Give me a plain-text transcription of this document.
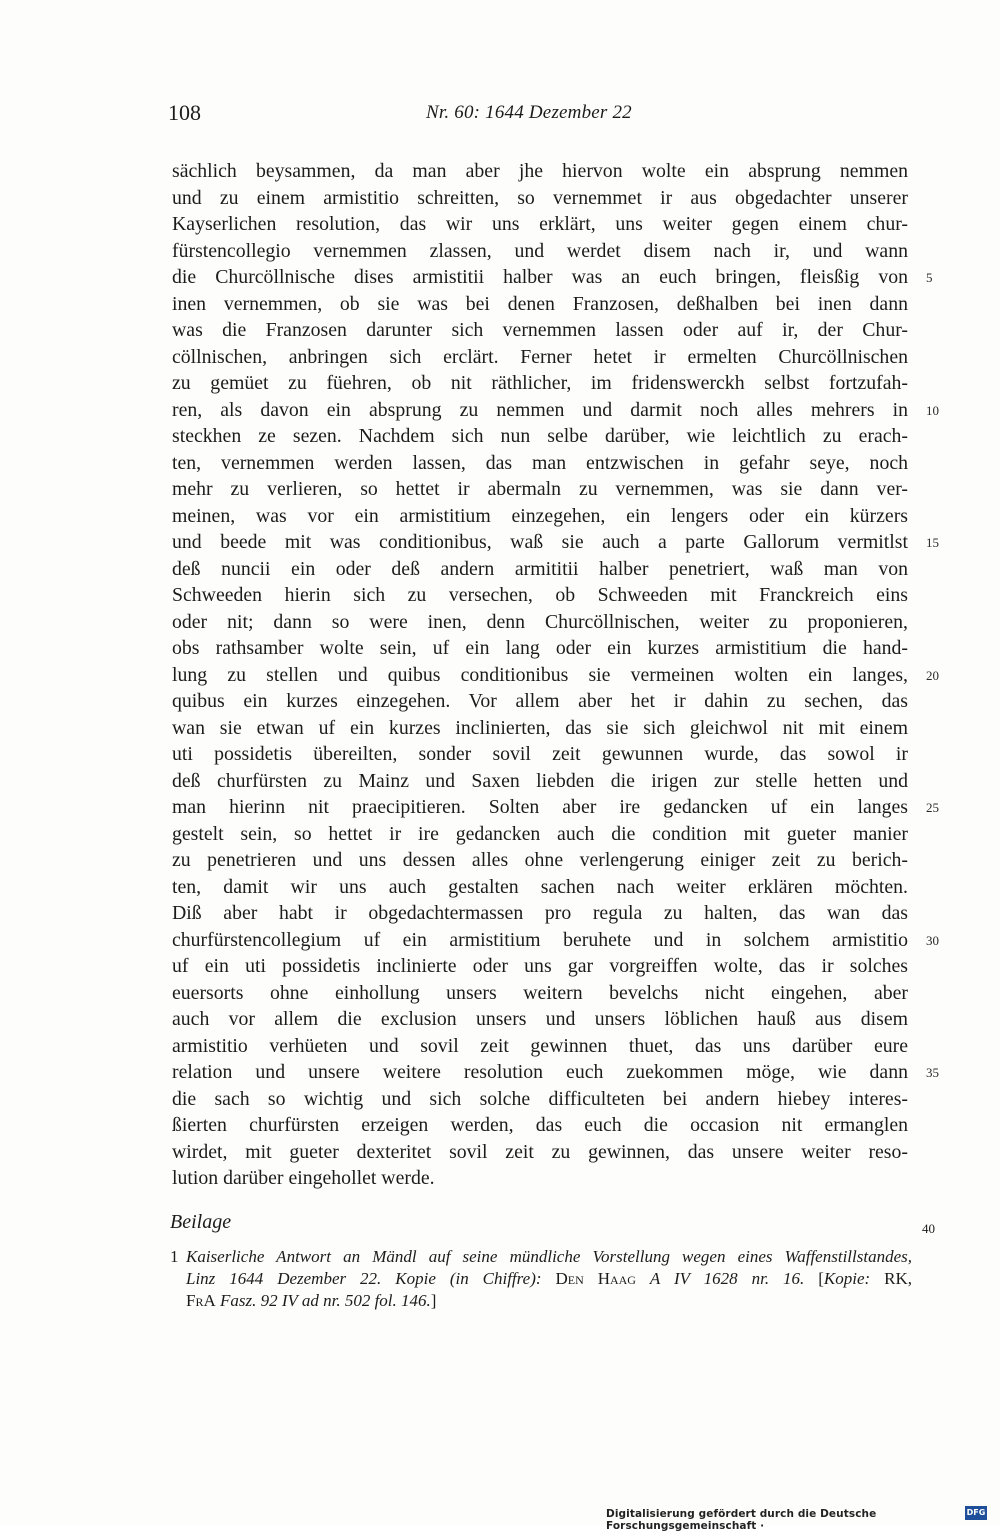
108	Nr. 60: 1644 Dezember 22
sächlich beysammen, da man aber jhe hiervon wolte ein absprung nemmen
und zu einem armistitio schreitten, so vernemmet ir aus obgedachter unserer
Kayserlichen resolution, das wir uns erklärt, uns weiter gegen einem chur-
fürstencollegio vernemmen zlassen, und werdet disem nach ir, und wann
die Churcöllnische dises armistitii halber was an euch bringen, fleisßig von 5
inen vernemmen, ob sie was bei denen Franzosen, deßhalben bei inen dann
was die Franzosen darunter sich vernemmen lassen oder auf ir, der Chur-
cöllnischen, anbringen sich erclärt. Ferner hetet ir ermelten Churcöllnischen
zu gemüet zu füehren, ob nit räthlicher, im fridenswerckh selbst fortzufah-
ren, als davon ein absprung zu nemmen und darmit noch alles mehrers in 10
steckhen ze sezen. Nachdem sich nun selbe darüber, wie leichtlich zu erach-
ten, vernemmen werden lassen, das man entzwischen in gefahr seye, noch
mehr zu verlieren, so hettet ir abermaln zu vernemmen, was sie dann ver-
meinen, was vor ein armistitium einzegehen, ein lengers oder ein kürzers
und beede mit was conditionibus, waß sie auch a parte Gallorum vermitlst 15
deß nuncii ein oder deß andern armititii halber penetriert, waß man von
Schweeden hierin sich zu versechen, ob Schweeden mit Franckreich eins
oder nit; dann so were inen, denn Churcöllnischen, weiter zu proponieren,
obs rathsamber wolte sein, uf ein lang oder ein kurzes armistitium die hand-
lung zu stellen und quibus conditionibus sie vermeinen wolten ein langes, 20
quibus ein kurzes einzegehen. Vor allem aber het ir dahin zu sechen, das
wan sie etwan uf ein kurzes inclinierten, das sie sich gleichwol nit mit einem
uti possidetis übereilten, sonder sovil zeit gewunnen wurde, das sowol ir
deß churfürsten zu Mainz und Saxen liebden die irigen zur stelle hetten und
man hierinn nit praecipitieren. Solten aber ire gedancken uf ein langes 25
gestelt sein, so hettet ir ire gedancken auch die condition mit gueter manier
zu penetrieren und uns dessen alles ohne verlengerung einiger zeit zu berich-
ten, damit wir uns auch gestalten sachen nach weiter erklären möchten.
Diß aber habt ir obgedachtermassen pro regula zu halten, das wan das
churfürstencollegium uf ein armistitium beruhete und in solchem armistitio 30
uf ein uti possidetis inclinierte oder uns gar vorgreiffen wolte, das ir solches
euersorts ohne einhollung unsers weitern bevelchs nicht eingehen, aber
auch vor allem die exclusion unsers und unsers löblichen hauß aus disem
armistitio verhüeten und sovil zeit gewinnen thuet, das uns darüber eure
relation und unsere weitere resolution euch zuekommen möge, wie dann 35
die sach so wichtig und sich solche difficulteten bei andern hiebey interes-
ßierten churfürsten erzeigen werden, das euch die occasion nit ermanglen
wirdet, mit gueter dexteritet sovil zeit zu gewinnen, das unsere weiter reso-
lution darüber eingehollet werde.
Beilage	40
1 Kaiserliche Antwort an Mändl auf seine mündliche Vorstellung wegen eines Waffenstillstandes,
Linz 1644 Dezember 22. Kopie (in Chiffre): Den Haag A IV 1628 nr. 16. [Kopie: RK,
FrA Fasz. 92 IV ad nr. 502 fol. 146.]
Digitalisierung gefördert durch die Deutsche Forschungsgemeinschaft ·
DFG
